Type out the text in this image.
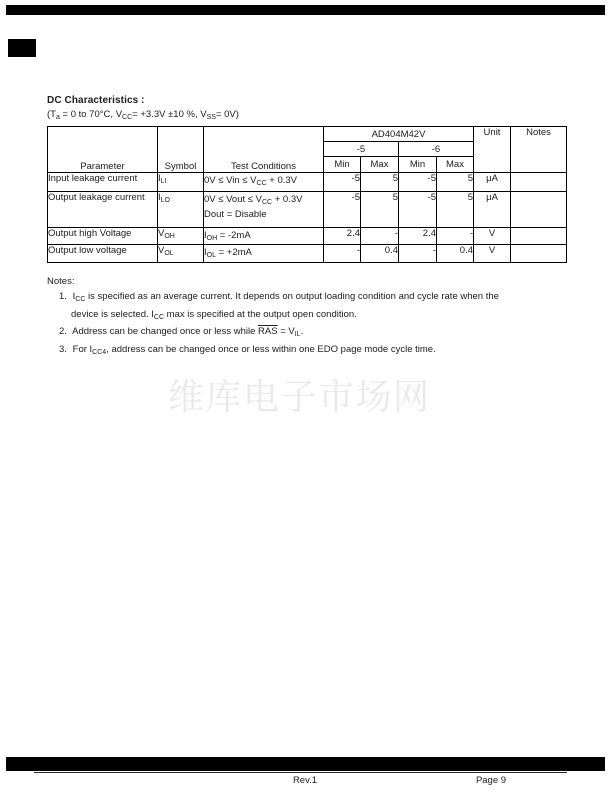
DC Characteristics :
($T_a = 0$ to 70°C, $V_{CC}= +3.3V \pm 10$ %, $V_{SS}= 0V$)
Parameter	Symbol	Test Conditions	AD404M42V				Unit	Notes
			-5		-6			
			Min	Max	Min	Max		
Input leakage current	$I_{LI}$	0V ≤ Vin ≤ $V_{CC} + 0.3V$	-5	5	-5	5	μA	
Output leakage current	$I_{LO}$	0V ≤ Vout ≤ $V_{CC} + 0.3V$
Dout = Disable	-5	5	-5	5	μA	
Output high Voltage	$V_{OH}$	$I_{OH} = -2mA$	2.4	-	2.4	-	V	
Output low voltage	$V_{OL}$	$I_{OL} = +2mA$	-	0.4	-	0.4	V	
Notes:
1. $I_{CC}$ is specified as an average current. It depends on output loading condition and cycle rate when the
device is selected. $I_{CC}$ max is specified at the output open condition.
2. Address can be changed once or less while $\overline{RAS} = V_{IL}$.
3. For $I_{CC4}$, address can be changed once or less within one EDO page mode cycle time.
维库电子市场网
Rev.1	Page 9
